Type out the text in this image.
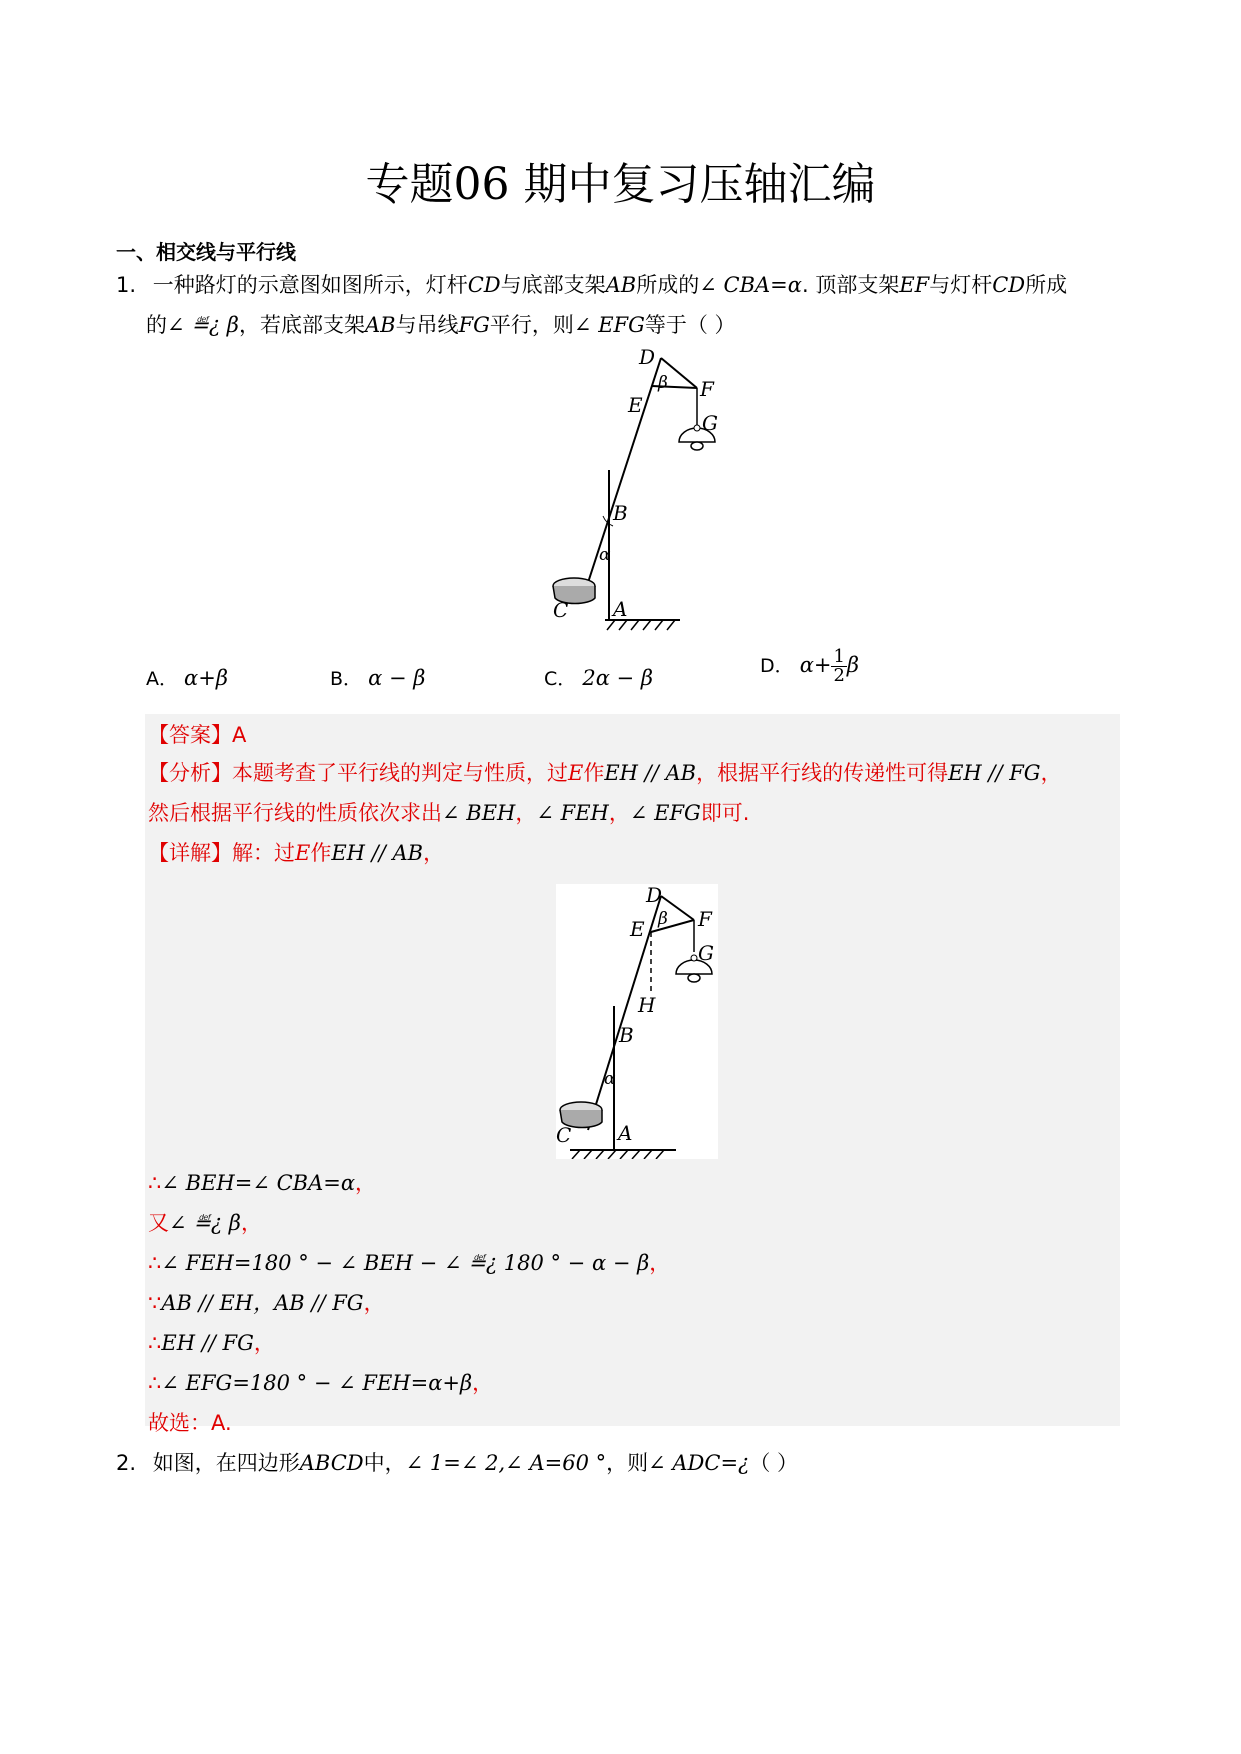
专题06 期中复习压轴汇编
一、相交线与平行线
1. 一种路灯的示意图如图所示，灯杆CD与底部支架AB所成的∠ CBA=α. 顶部支架EF与灯杆CD所成
的∠ ≝¿ β，若底部支架AB与吊线FG平行，则∠ EFG等于（ ）
D
E
F
G
B
C A
α
β
A． α+β	B． α − β	C． 2α − β	D． $\alpha+ \frac{1}{2}$ β
【答案】A
【分析】本题考查了平行线的判定与性质，过E作EH // AB，根据平行线的传递性可得EH // FG，
然后根据平行线的性质依次求出∠ BEH，∠ FEH，∠ EFG即可.
【详解】解：过E作EH // AB，
D
E	F
G
H
B
C A
α
β
∴∠ BEH=∠ CBA=α，
又∠ ≝¿ β，
∴∠ FEH=180 ° − ∠ BEH − ∠ ≝¿ 180 ° − α − β，
∵AB // EH，AB // FG，
∴EH // FG，
∴∠ EFG=180 ° − ∠ FEH=α+β，
故选：A.
2. 如图，在四边形ABCD中，∠ 1=∠ 2,∠ A=60 °，则∠ ADC=¿（ ）
